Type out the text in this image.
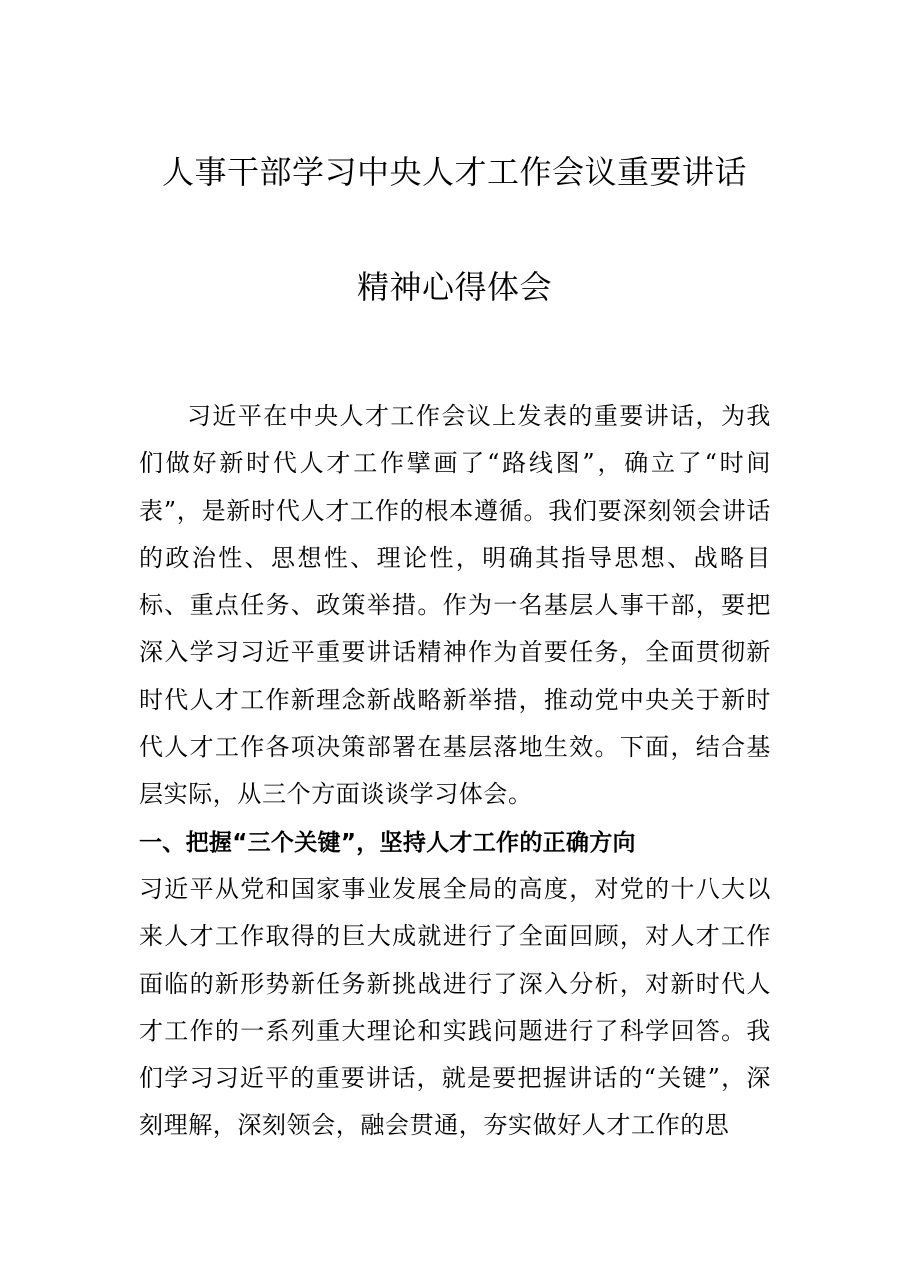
人事干部学习中央人才工作会议重要讲话
精神心得体会
习近平在中央人才工作会议上发表的重要讲话，为我们做好新时代人才工作擘画了“路线图”，确立了“时间表”，是新时代人才工作的根本遵循。我们要深刻领会讲话的政治性、思想性、理论性，明确其指导思想、战略目标、重点任务、政策举措。作为一名基层人事干部，要把深入学习习近平重要讲话精神作为首要任务，全面贯彻新时代人才工作新理念新战略新举措，推动党中央关于新时代人才工作各项决策部署在基层落地生效。下面，结合基层实际，从三个方面谈谈学习体会。
一、把握“三个关键”，坚持人才工作的正确方向
习近平从党和国家事业发展全局的高度，对党的十八大以来人才工作取得的巨大成就进行了全面回顾，对人才工作面临的新形势新任务新挑战进行了深入分析，对新时代人才工作的一系列重大理论和实践问题进行了科学回答。我们学习习近平的重要讲话，就是要把握讲话的“关键”，深刻理解，深刻领会，融会贯通，夯实做好人才工作的思
